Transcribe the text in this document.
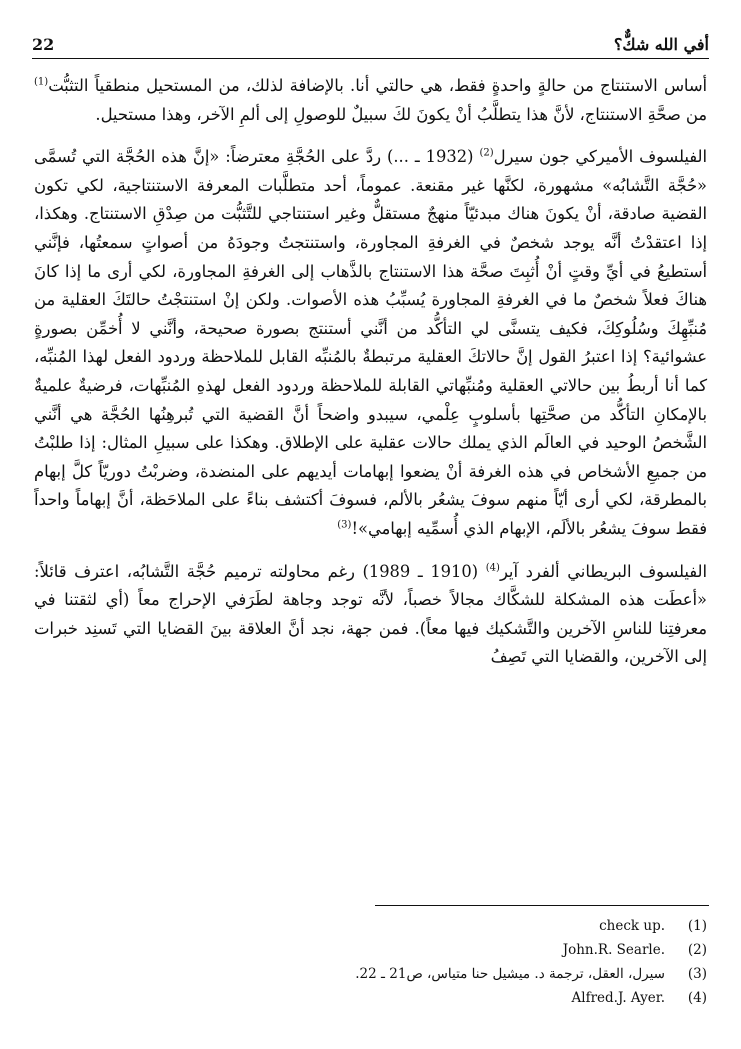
22	أفي الله شكٌّ؟

أساس الاستنتاج من حالةٍ واحدةٍ فقط، هي حالتي أنا. بالإضافة لذلك، من المستحيل منطقياً التثبُّت$^{(1)}$ من صحَّةِ الاستنتاج، لأنَّ هذا يتطلَّبُ أنْ يكونَ لكَ سبيلٌ للوصولِ إلى ألمِ الآخر، وهذا مستحيل.

الفيلسوف الأميركي جون سيرل$^{(2)}$ (1932 ـ ...) ردَّ على الحُجَّةِ معترضاً: «إنَّ هذه الحُجَّة التي تُسمَّى «حُجَّة التَّشابُه» مشهورة، لكنَّها غير مقنعة. عموماً، أحد متطلَّبات المعرفة الاستنتاجية، لكي تكون القضية صادقة، أنْ يكونَ هناك مبدئيّاً منهجٌ مستقلٌّ وغير استنتاجي للتَّثبُّت من صِدْقِ الاستنتاج. وهكذا، إذا اعتقدْتُ أنَّه يوجد شخصٌ في الغرفةِ المجاورة، واستنتجتُ وجودَهُ من أصواتٍ سمعتُها، فإنَّني أستطيعُ في أيِّ وقتٍ أنْ أُثبِتَ صحَّة هذا الاستنتاج بالذَّهاب إلى الغرفةِ المجاورة، لكي أرى ما إذا كانَ هناكَ فعلاً شخصٌ ما في الغرفةِ المجاورة يُسبِّبُ هذه الأصوات. ولكن إنْ استنتجْتُ حالتَكَ العقلية من مُنبِّهِكَ وسُلُوكِكَ، فكيف يتسنَّى لي التأكُّد من أنَّني أستنتج بصورة صحيحة، وأنَّني لا أُخمِّن بصورةٍ عشوائية؟ إذا اعتبرُ القول إنَّ حالاتكَ العقلية مرتبطةٌ بالمُنبِّه القابل للملاحظة وردود الفعل لهذا المُنبِّه، كما أنا أربطُ بين حالاتي العقلية ومُنبِّهاتي القابلة للملاحظة وردود الفعل لهذهِ المُنبِّهات، فرضيةٌ علميةٌ بالإمكانِ التأكُّد من صحَّتِها بأسلوبٍ عِلْمي، سيبدو واضحاً أنَّ القضية التي تُبرهِنُها الحُجَّة هي أنَّني الشَّخصُ الوحيد في العالَم الذي يملك حالات عقلية على الإطلاق. وهكذا على سبيلِ المثال: إذا طلبْتُ من جميعِ الأشخاص في هذه الغرفة أنْ يضعوا إبهامات أيديهم على المنضدة، وضربْتُ دوريّاً كلَّ إبهام بالمطرقة، لكي أرى أيّاً منهم سوفَ يشعُر بالألم، فسوفَ أكتشف بناءً على الملاحَظة، أنَّ إبهاماً واحداً فقط سوفَ يشعُر بالألَم، الإبهام الذي أُسمِّيه إبهامي»!$^{(3)}$

الفيلسوف البريطاني ألفرد آير$^{(4)}$ (1910 ـ 1989) رغم محاولته ترميم حُجَّة التَّشابُه، اعترف قائلاً: «أعطَت هذه المشكلة للشكَّاك مجالاً خصباً، لأنَّه توجد وجاهة لطَرَفي الإحراج معاً (أي لثقتنا في معرفتِنا للناسِ الآخرين والتَّشكيك فيها معاً). فمن جهة، نجد أنَّ العلاقة بينَ القضايا التي تَسنِد خبرات إلى الآخرين، والقضايا التي تَصِفُ

(1)
check up.
(2)
John.R. Searle.
(3)
سيرل، العقل، ترجمة د. ميشيل حنا متياس، ص21 ـ 22.
(4)
Alfred.J. Ayer.
